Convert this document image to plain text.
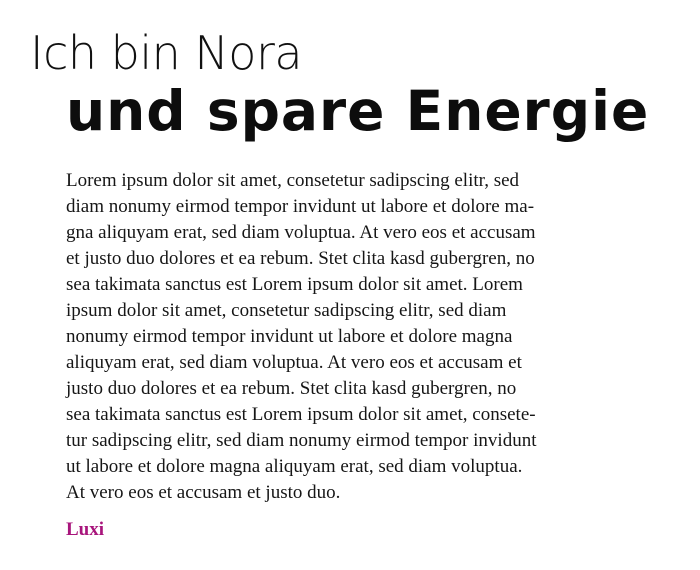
Ich bin Nora
und spare Energie
Lorem ipsum dolor sit amet, consetetur sadipscing elitr, sed
diam nonumy eirmod tempor invidunt ut labore et dolore ma-
gna aliquyam erat, sed diam voluptua. At vero eos et accusam
et justo duo dolores et ea rebum. Stet clita kasd gubergren, no
sea takimata sanctus est Lorem ipsum dolor sit amet. Lorem
ipsum dolor sit amet, consetetur sadipscing elitr, sed diam
nonumy eirmod tempor invidunt ut labore et dolore magna
aliquyam erat, sed diam voluptua. At vero eos et accusam et
justo duo dolores et ea rebum. Stet clita kasd gubergren, no
sea takimata sanctus est Lorem ipsum dolor sit amet, consete-
tur sadipscing elitr, sed diam nonumy eirmod tempor invidunt
ut labore et dolore magna aliquyam erat, sed diam voluptua.
At vero eos et accusam et justo duo.
Luxi
